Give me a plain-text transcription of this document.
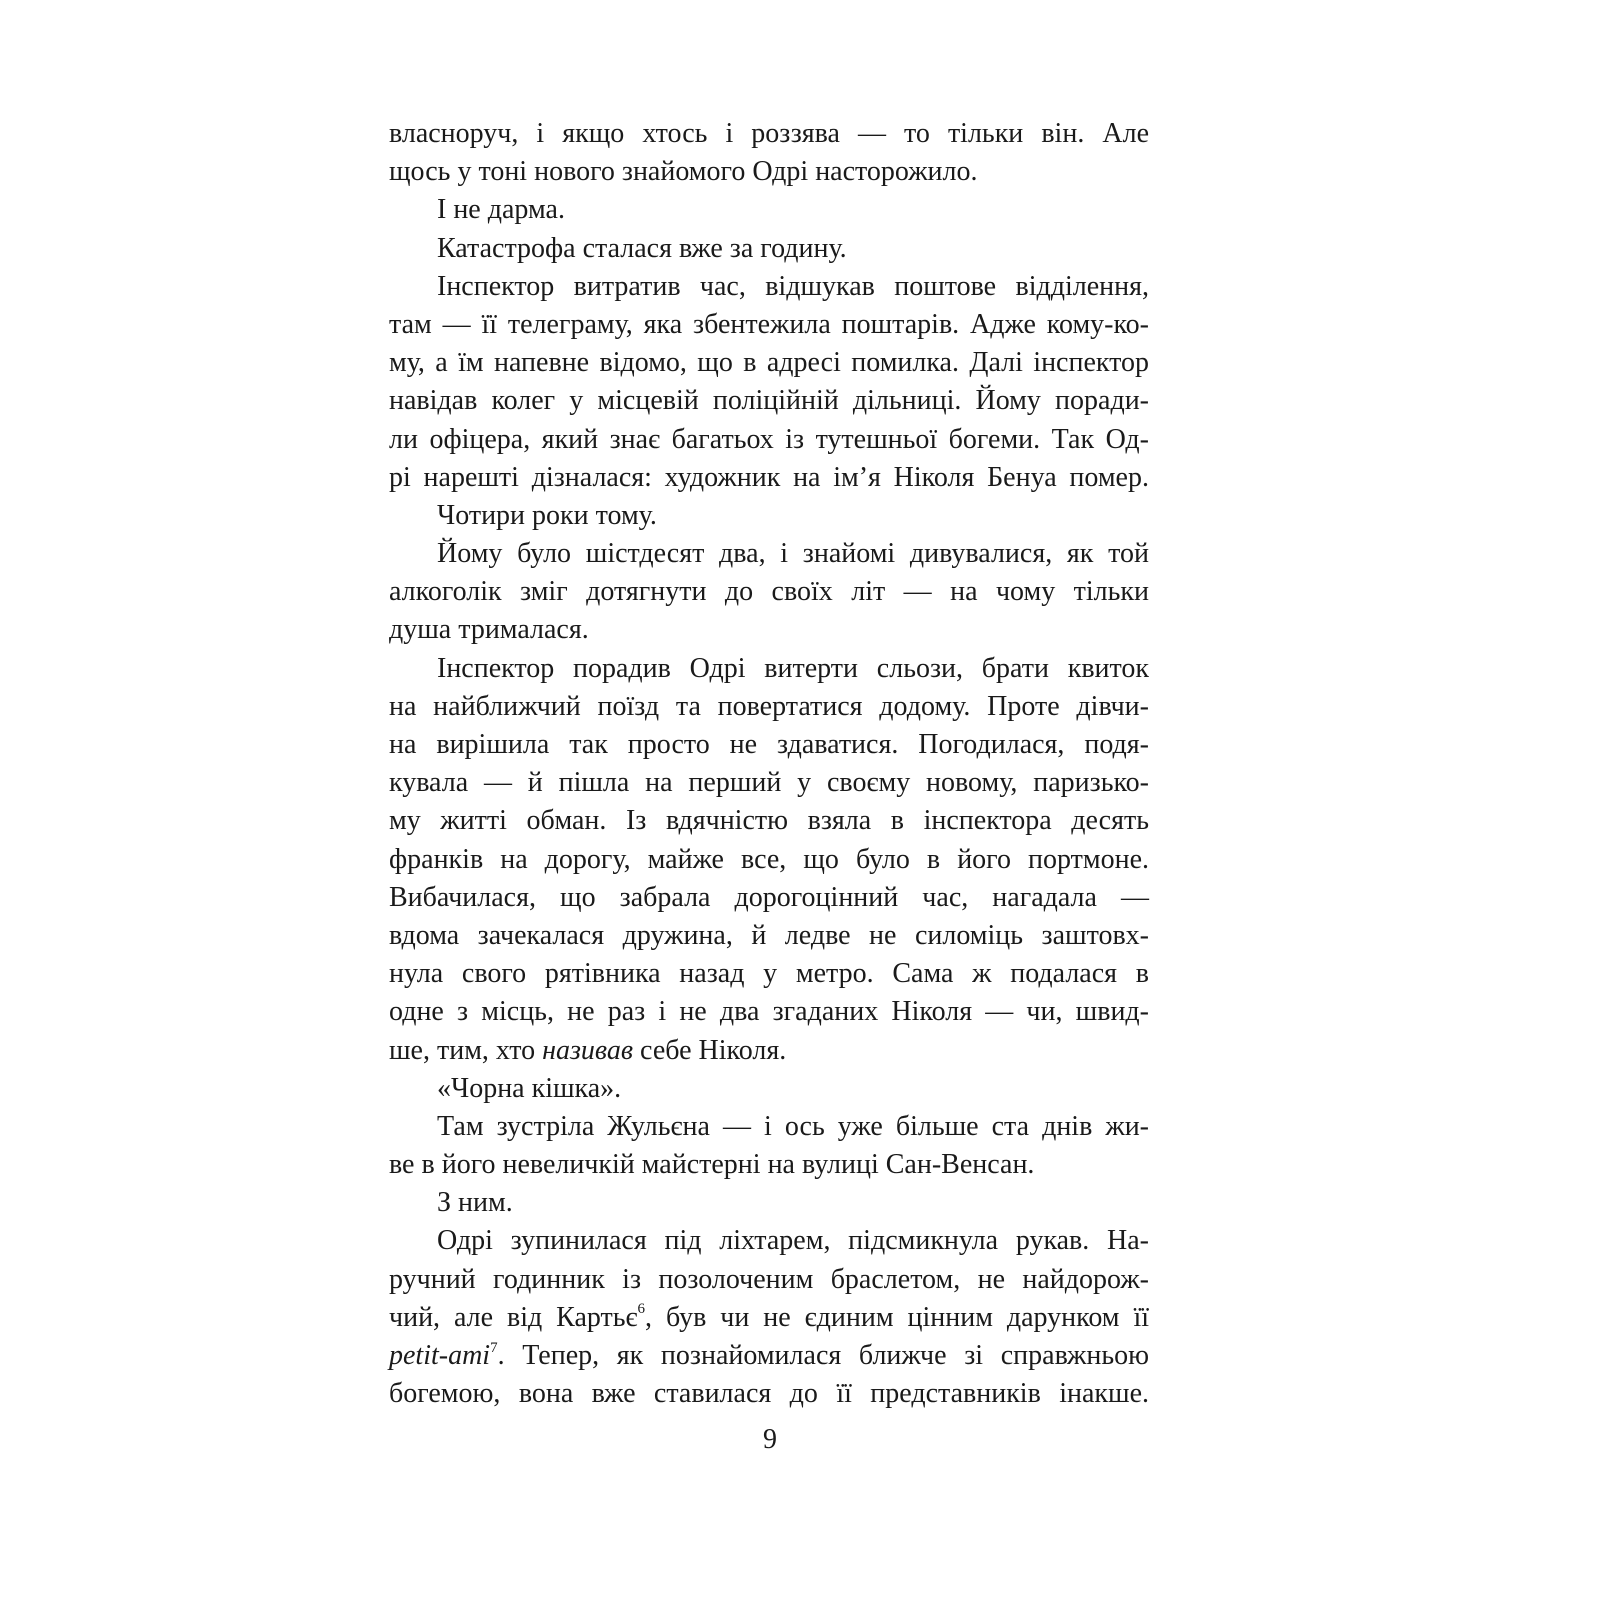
власноруч, і якщо хтось і роззява — то тільки він. Але
щось у тоні нового знайомого Одрі насторожило.
І не дарма.
Катастрофа сталася вже за годину.
Інспектор витратив час, відшукав поштове відділення,
там — її телеграму, яка збентежила поштарів. Адже кому-ко-
му, а їм напевне відомо, що в адресі помилка. Далі інспектор
навідав колег у місцевій поліційній дільниці. Йому поради-
ли офіцера, який знає багатьох із тутешньої богеми. Так Од-
рі нарешті дізналася: художник на ім’я Ніколя Бенуа помер.
Чотири роки тому.
Йому було шістдесят два, і знайомі дивувалися, як той
алкоголік зміг дотягнути до своїх літ — на чому тільки
душа трималася.
Інспектор порадив Одрі витерти сльози, брати квиток
на найближчий поїзд та повертатися додому. Проте дівчи-
на вирішила так просто не здаватися. Погодилася, подя-
кувала — й пішла на перший у своєму новому, паризько-
му житті обман. Із вдячністю взяла в інспектора десять
франків на дорогу, майже все, що було в його портмоне.
Вибачилася, що забрала дорогоцінний час, нагадала —
вдома зачекалася дружина, й ледве не силоміць заштовх-
нула свого рятівника назад у метро. Сама ж подалася в
одне з місць, не раз і не два згаданих Ніколя — чи, швид-
ше, тим, хто називав себе Ніколя.
«Чорна кішка».
Там зустріла Жульєна — і ось уже більше ста днів жи-
ве в його невеличкій майстерні на вулиці Сан-Венсан.
З ним.
Одрі зупинилася під ліхтарем, підсмикнула рукав. На-
ручний годинник із позолоченим браслетом, не найдорож-
чий, але від Картьє$^6$, був чи не єдиним цінним дарунком її
petit-ami$^7$. Тепер, як познайомилася ближче зі справжньою
богемою, вона вже ставилася до її представників інакше.
9
